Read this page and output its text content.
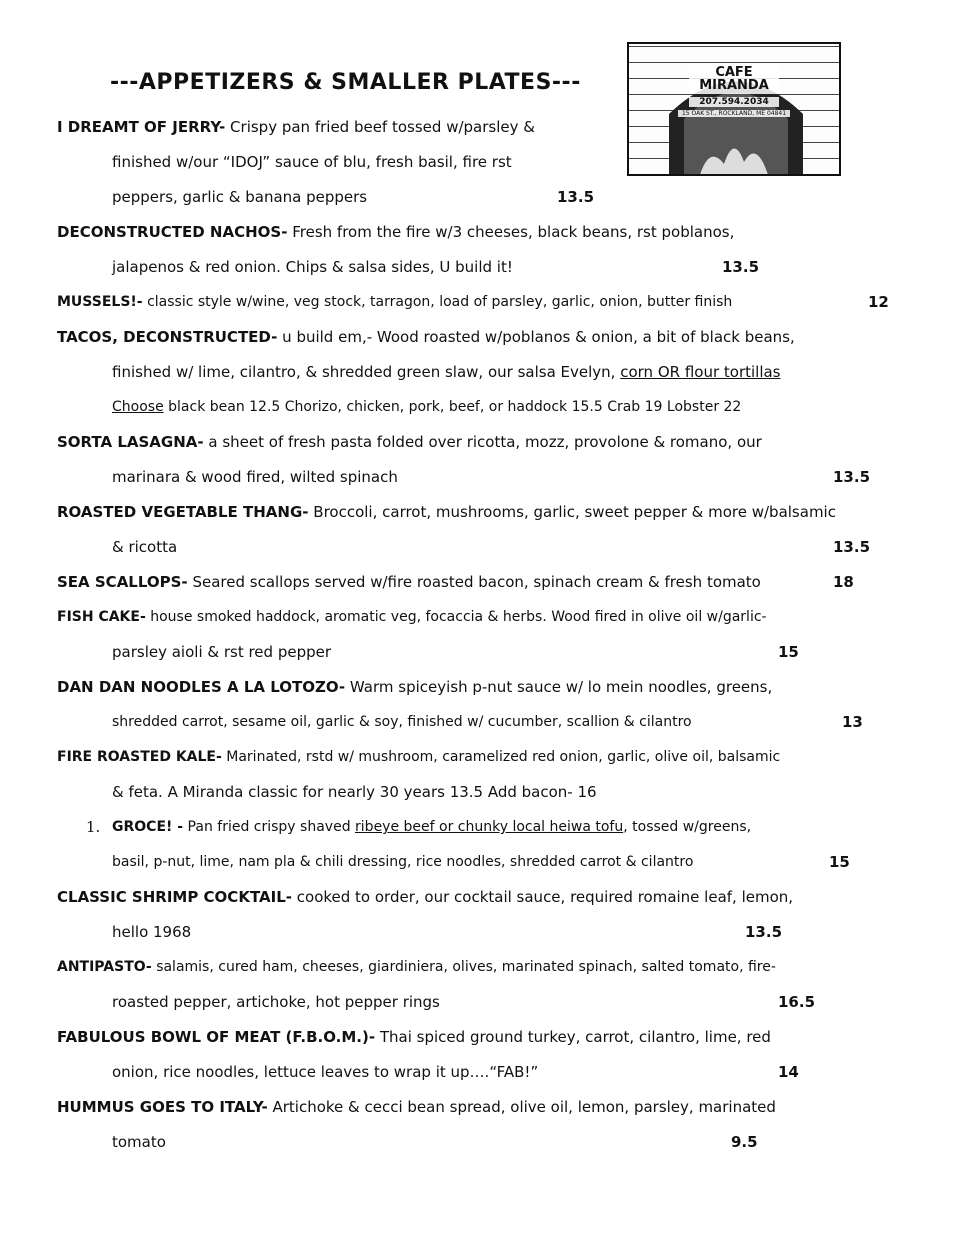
---APPETIZERS & SMALLER PLATES---	CAFE
MIRANDA
207.594.2034
15 OAK ST., ROCKLAND, ME 04841
I DREAMT OF JERRY- Crispy pan fried beef tossed w/parsley &
finished w/our “IDOJ” sauce of blu, fresh basil, fire rst
peppers, garlic & banana peppers	13.5
DECONSTRUCTED NACHOS- Fresh from the fire w/3 cheeses, black beans, rst poblanos,
jalapenos & red onion. Chips & salsa sides, U build it!	13.5
MUSSELS!- classic style w/wine, veg stock, tarragon, load of parsley, garlic, onion, butter finish	12
TACOS, DECONSTRUCTED- u build em,- Wood roasted w/poblanos & onion, a bit of black beans,
finished w/ lime, cilantro, & shredded green slaw, our salsa Evelyn, corn OR flour tortillas
Choose black bean 12.5 Chorizo, chicken, pork, beef, or haddock 15.5 Crab 19 Lobster 22
SORTA LASAGNA- a sheet of fresh pasta folded over ricotta, mozz, provolone & romano, our
marinara & wood fired, wilted spinach	13.5
ROASTED VEGETABLE THANG- Broccoli, carrot, mushrooms, garlic, sweet pepper & more w/balsamic
& ricotta	13.5
SEA SCALLOPS- Seared scallops served w/fire roasted bacon, spinach cream & fresh tomato	18
FISH CAKE- house smoked haddock, aromatic veg, focaccia & herbs. Wood fired in olive oil w/garlic-
parsley aioli & rst red pepper	15
DAN DAN NOODLES A LA LOTOZO- Warm spiceyish p-nut sauce w/ lo mein noodles, greens,
shredded carrot, sesame oil, garlic & soy, finished w/ cucumber, scallion & cilantro	13
FIRE ROASTED KALE- Marinated, rstd w/ mushroom, caramelized red onion, garlic, olive oil, balsamic
& feta. A Miranda classic for nearly 30 years 13.5 Add bacon- 16
1. GROCE! - Pan fried crispy shaved ribeye beef or chunky local heiwa tofu, tossed w/greens,
basil, p-nut, lime, nam pla & chili dressing, rice noodles, shredded carrot & cilantro	15
CLASSIC SHRIMP COCKTAIL- cooked to order, our cocktail sauce, required romaine leaf, lemon,
hello 1968	13.5
ANTIPASTO- salamis, cured ham, cheeses, giardiniera, olives, marinated spinach, salted tomato, fire-
roasted pepper, artichoke, hot pepper rings	16.5
FABULOUS BOWL OF MEAT (F.B.O.M.)- Thai spiced ground turkey, carrot, cilantro, lime, red
onion, rice noodles, lettuce leaves to wrap it up….“FAB!”	14
HUMMUS GOES TO ITALY- Artichoke & cecci bean spread, olive oil, lemon, parsley, marinated
tomato	9.5
